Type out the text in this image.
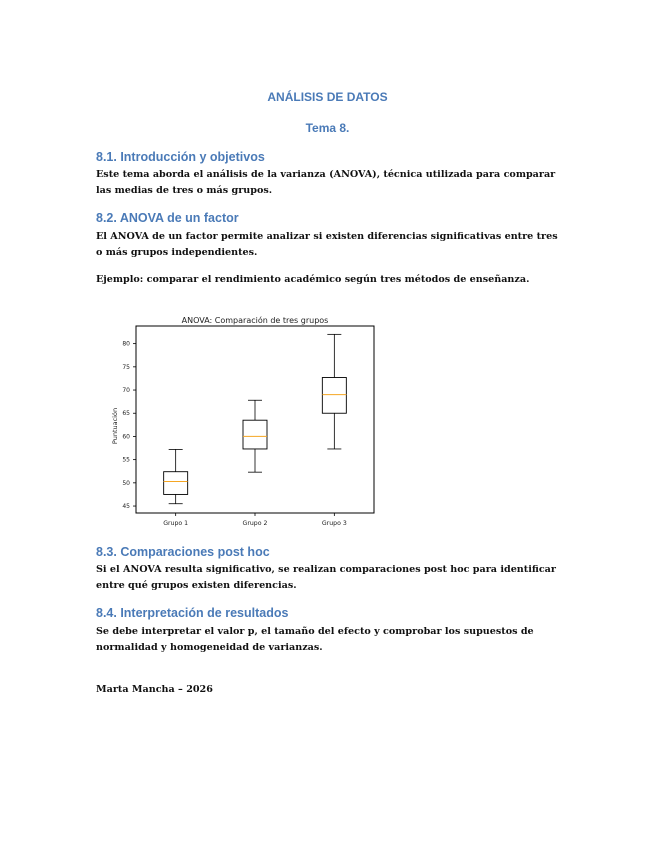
ANÁLISIS DE DATOS
Tema 8.
8.1. Introducción y objetivos
Este tema aborda el análisis de la varianza (ANOVA), técnica utilizada para comparar las medias de tres o más grupos.
8.2. ANOVA de un factor
El ANOVA de un factor permite analizar si existen diferencias significativas entre tres o más grupos independientes.
Ejemplo: comparar el rendimiento académico según tres métodos de enseñanza.
ANOVA: Comparación de tres grupos
Puntuación
45
50
55
60
65
70
75
80
Grupo 1	Grupo 2	Grupo 3
8.3. Comparaciones post hoc
Si el ANOVA resulta significativo, se realizan comparaciones post hoc para identificar entre qué grupos existen diferencias.
8.4. Interpretación de resultados
Se debe interpretar el valor p, el tamaño del efecto y comprobar los supuestos de normalidad y homogeneidad de varianzas.
Marta Mancha – 2026
